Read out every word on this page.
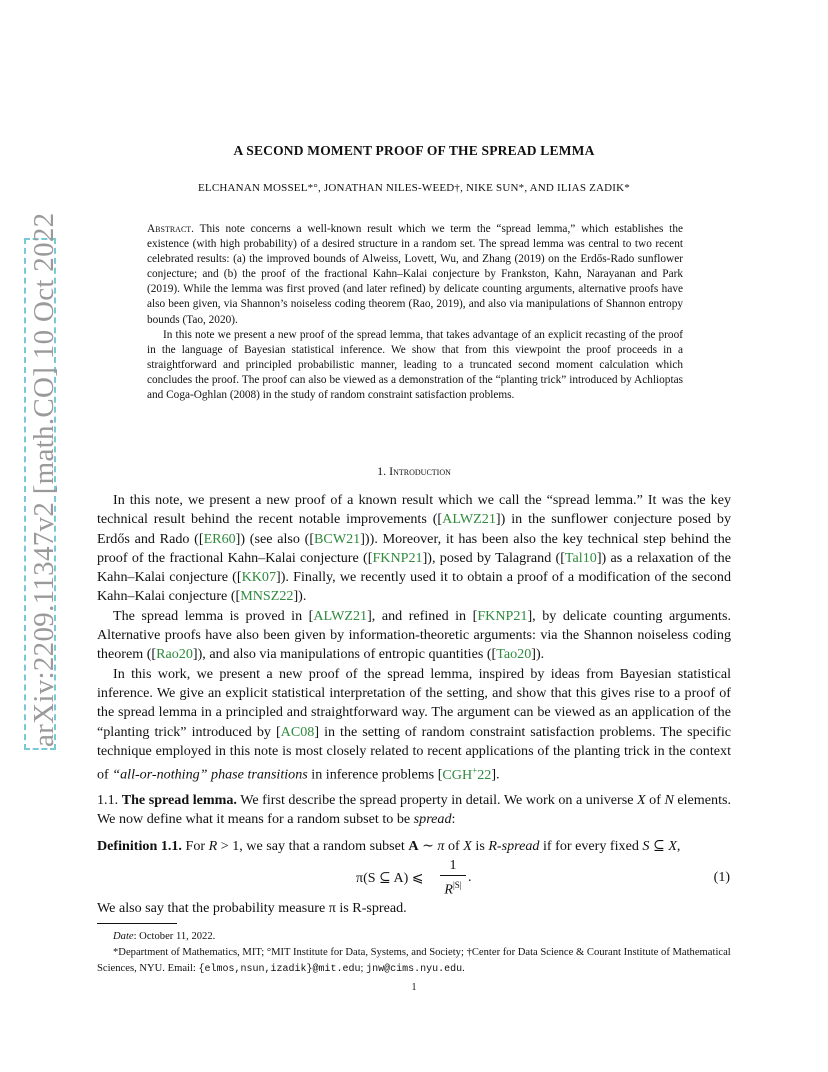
arXiv:2209.11347v2 [math.CO] 10 Oct 2022
A SECOND MOMENT PROOF OF THE SPREAD LEMMA
ELCHANAN MOSSEL*°, JONATHAN NILES-WEED†, NIKE SUN*, AND ILIAS ZADIK*

Abstract. This note concerns a well-known result which we term the “spread lemma,” which establishes the existence (with high probability) of a desired structure in a random set. The spread lemma was central to two recent celebrated results: (a) the improved bounds of Alweiss, Lovett, Wu, and Zhang (2019) on the Erdős-Rado sunflower conjecture; and (b) the proof of the fractional Kahn–Kalai conjecture by Frankston, Kahn, Narayanan and Park (2019). While the lemma was first proved (and later refined) by delicate counting arguments, alternative proofs have also been given, via Shannon’s noiseless coding theorem (Rao, 2019), and also via manipulations of Shannon entropy bounds (Tao, 2020).

In this note we present a new proof of the spread lemma, that takes advantage of an explicit recasting of the proof in the language of Bayesian statistical inference. We show that from this viewpoint the proof proceeds in a straightforward and principled probabilistic manner, leading to a truncated second moment calculation which concludes the proof. The proof can also be viewed as a demonstration of the “planting trick” introduced by Achlioptas and Coga-Oghlan (2008) in the study of random constraint satisfaction problems.

1. Introduction

In this note, we present a new proof of a known result which we call the “spread lemma.” It was the key technical result behind the recent notable improvements ([ALWZ21]) in the sunflower conjecture posed by Erdős and Rado ([ER60]) (see also ([BCW21])). Moreover, it has been also the key technical step behind the proof of the fractional Kahn–Kalai conjecture ([FKNP21]), posed by Talagrand ([Tal10]) as a relaxation of the Kahn–Kalai conjecture ([KK07]). Finally, we recently used it to obtain a proof of a modification of the second Kahn–Kalai conjecture ([MNSZ22]).

The spread lemma is proved in [ALWZ21], and refined in [FKNP21], by delicate counting arguments. Alternative proofs have also been given by information-theoretic arguments: via the Shannon noiseless coding theorem ([Rao20]), and also via manipulations of entropic quantities ([Tao20]).

In this work, we present a new proof of the spread lemma, inspired by ideas from Bayesian statistical inference. We give an explicit statistical interpretation of the setting, and show that this gives rise to a proof of the spread lemma in a principled and straightforward way. The argument can be viewed as an application of the “planting trick” introduced by [AC08] in the setting of random constraint satisfaction problems. The specific technique employed in this note is most closely related to recent applications of the planting trick in the context of “all-or-nothing” phase transitions in inference problems [CGH+22].

1.1. The spread lemma. We first describe the spread property in detail. We work on a universe X of N elements. We now define what it means for a random subset to be spread:

Definition 1.1. For R > 1, we say that a random subset A ∼ π of X is R-spread if for every fixed S ⊆ X,

π(S ⊆ A) ⩽
1
$R^{|S|}$ .	(1)
We also say that the probability measure π is R-spread.
Date: October 11, 2022.
*Department of Mathematics, MIT; °MIT Institute for Data, Systems, and Society; †Center for Data Science & Courant Institute of Mathematical Sciences, NYU. Email: {elmos,nsun,izadik}@mit.edu; jnw@cims.nyu.edu.
1
